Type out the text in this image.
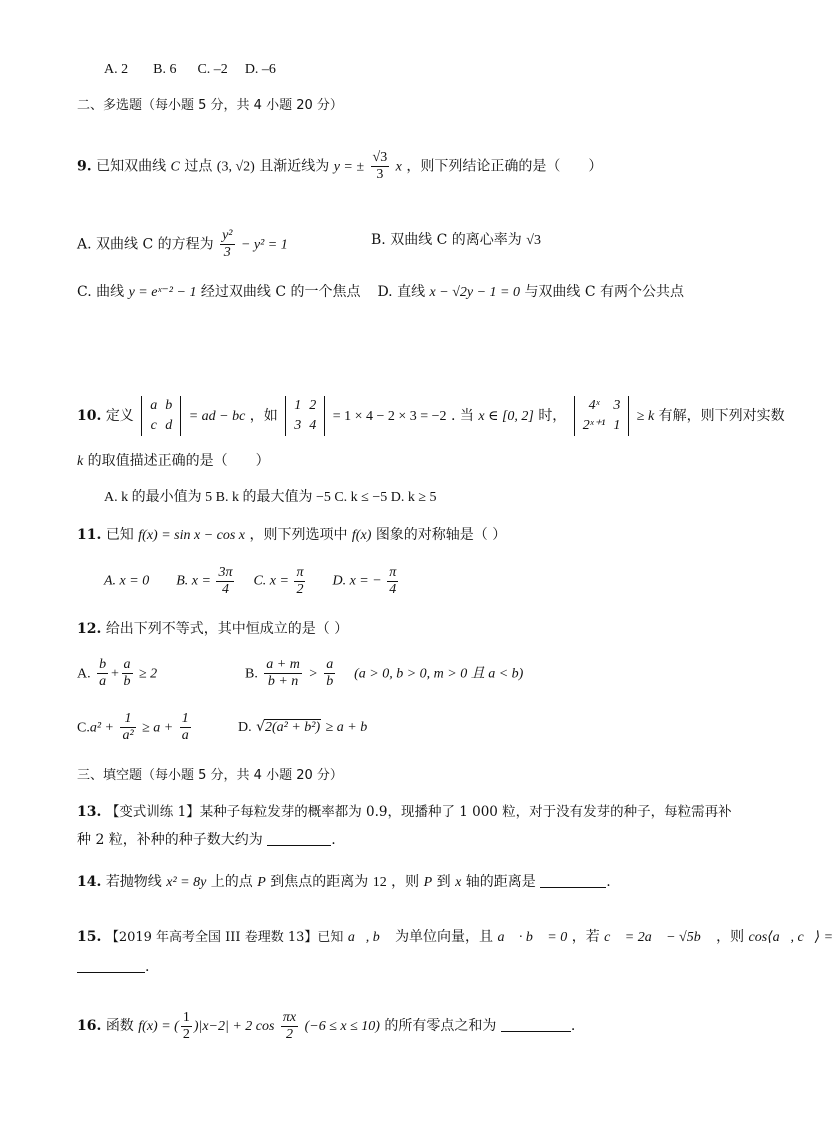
A. 2 B. 6 C. –2 D. –6
二、多选题（每小题 5 分，共 4 小题 20 分）
9. 已知双曲线 C 过点 (3, √2) 且渐近线为 y = ± $\frac{√3}{3}$ x ，则下列结论正确的是（　　）
A. 双曲线 C 的方程为 $\frac{\text{y²}}{3} - y^2 = 1$	B. 双曲线 C 的离心率为 √3
C. 曲线 y = eˣ⁻² − 1 经过双曲线 C 的一个焦点 D. 直线 x − √2y − 1 = 0 与双曲线 C 有两个公共点
10. 定义
a	b
c	d
= ad − bc ，如
1	2
3	4
= 1 × 4 − 2 × 3 = −2 . 当 x ∈ [0, 2] 时，
4ˣ	3
2ˣ⁺¹	1
≥ k 有解，则下列对实数
k 的取值描述正确的是（　　）
A. k 的最小值为 5 B. k 的最大值为 −5 C. k ≤ −5 D. k ≥ 5
11. 已知 f(x) = sin x − cos x ，则下列选项中 f(x) 图象的对称轴是（ ）
A. x = 0 B. $x = \frac{3\pi}{4} C$. $x = \frac{\pi}{2} D$. x = − $\frac{\pi}{4}$
12. 给出下列不等式，其中恒成立的是（ ）
A. $\frac{b}{a} + \frac{a}{b} \ge 2$	B. $\frac{a + m}{b + n} > \frac{a}{b} (a > 0$, b > 0, m > 0 且 a < b)
$C.a^2 + \frac{1}{\text{a²}} \ge a + \frac{1}{a}$	D. √2(a² + b²) ≥ a + b
三、填空题（每小题 5 分，共 4 小题 20 分）
13. 【变式训练 1】某种子每粒发芽的概率都为 0.9，现播种了 1 000 粒，对于没有发芽的种子，每粒需再补
种 2 粒，补种的种子数大约为	.
14. 若抛物线 x² = 8y 上的点 P 到焦点的距离为 12 ，则 P 到 x 轴的距离是	.
15. 【2019 年高考全国 III 卷理数 13】已知 a⃗, b⃗ 为单位向量，且 a⃗ · b⃗ = 0 ，若 c⃗ = 2a⃗ − √5b⃗ ，则 cos⟨a⃗, c⃗⟩ =
.
16. 函数 f(x) = ( $\frac{1}{2} )|x-2| + 2$ $\cos \frac{\pi x}{2} (-6 \le x \le 10)$ 的所有零点之和为	.
